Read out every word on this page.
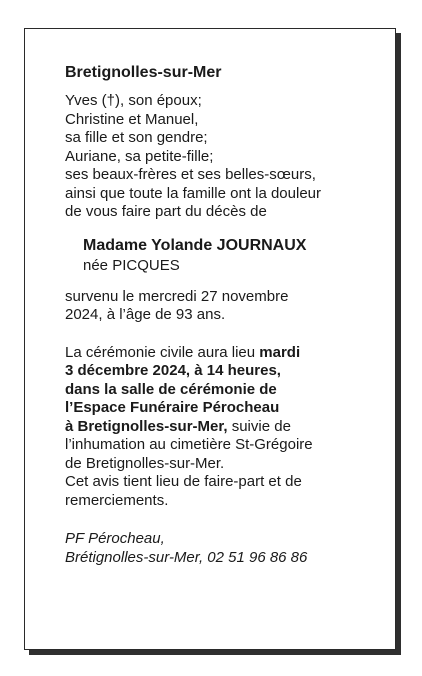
Bretignolles-sur-Mer
Yves (†), son époux;
Christine et Manuel,
sa fille et son gendre;
Auriane, sa petite-fille;
ses beaux-frères et ses belles-sœurs,
ainsi que toute la famille ont la douleur
de vous faire part du décès de
Madame Yolande JOURNAUX
née PICQUES
survenu le mercredi 27 novembre
2024, à l’âge de 93 ans.
La cérémonie civile aura lieu mardi
3 décembre 2024, à 14 heures,
dans la salle de cérémonie de
l’Espace Funéraire Pérocheau
à Bretignolles-sur-Mer, suivie de
l’inhumation au cimetière St-Grégoire
de Bretignolles-sur-Mer.
Cet avis tient lieu de faire-part et de
remerciements.
PF Pérocheau,
Brétignolles-sur-Mer, 02 51 96 86 86
